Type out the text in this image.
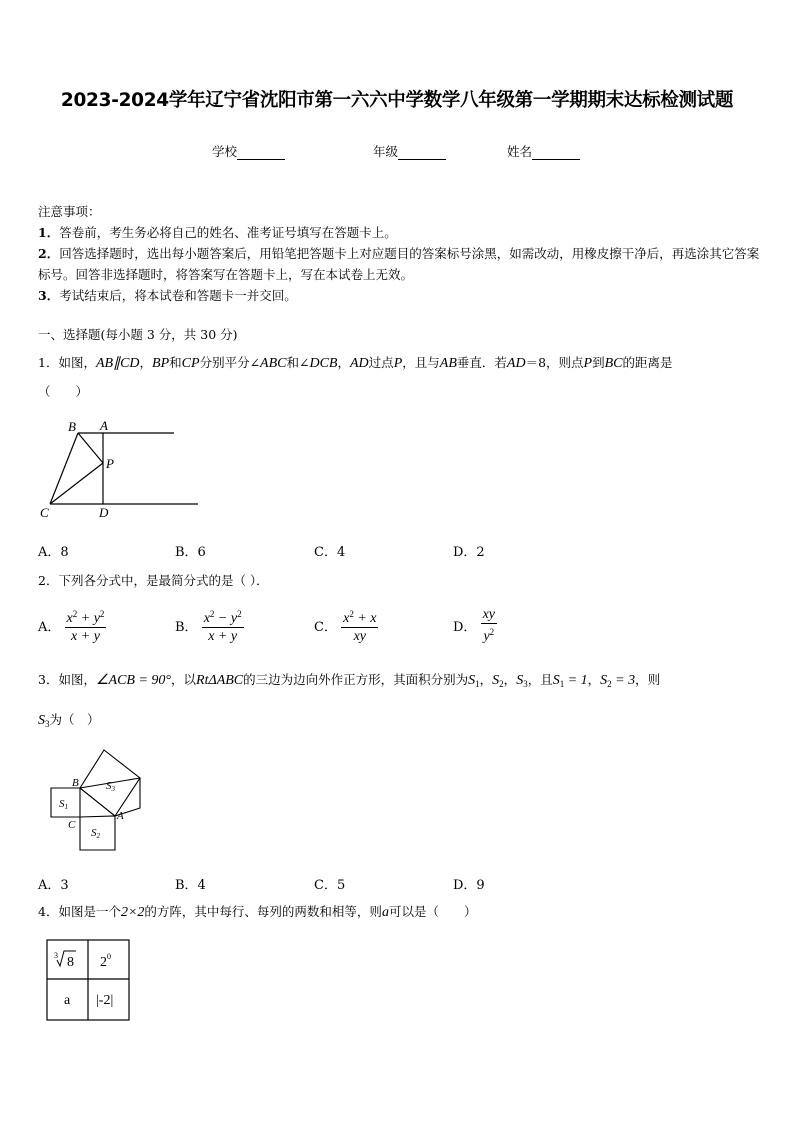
2023-2024学年辽宁省沈阳市第一六六中学数学八年级第一学期期末达标检测试题
学校	年级	姓名
注意事项：
1．答卷前，考生务必将自己的姓名、准考证号填写在答题卡上。
2．回答选择题时，选出每小题答案后，用铅笔把答题卡上对应题目的答案标号涂黑，如需改动，用橡皮擦干净后，再选涂其它答案标号。回答非选择题时，将答案写在答题卡上，写在本试卷上无效。
3．考试结束后，将本试卷和答题卡一并交回。
一、选择题(每小题 3 分，共 30 分)
1．如图，AB∥CD，BP和CP分别平分∠ABC和∠DCB，AD过点P，且与AB垂直．若AD＝8，则点P到BC的距离是
（　　）
B A
P
C	D
A．8	B．6	C．4	D．2
2．下列各分式中，是最简分式的是（ ）．
A． $\frac{x^2 + y^2}{x + y}$	B． $\frac{x^2 - y^2}{x + y}$	C． $\frac{x^2 + x}{xy}$	D． $\frac{xy}{y^2}$
3．如图，∠ACB = 90°，以RtΔABC的三边为边向外作正方形，其面积分别为$S_1$，$S_2$，$S_3$，且$S_1 = 1$，$S_2 = 3$，则
$S_3$为（　）
B
C
A
S1
S2
S3
A．3	B．4	C．5	D．9
4．如图是一个2×2的方阵，其中每行、每列的两数和相等，则a可以是（　　）
3 8 $2^0$
a |-2|
